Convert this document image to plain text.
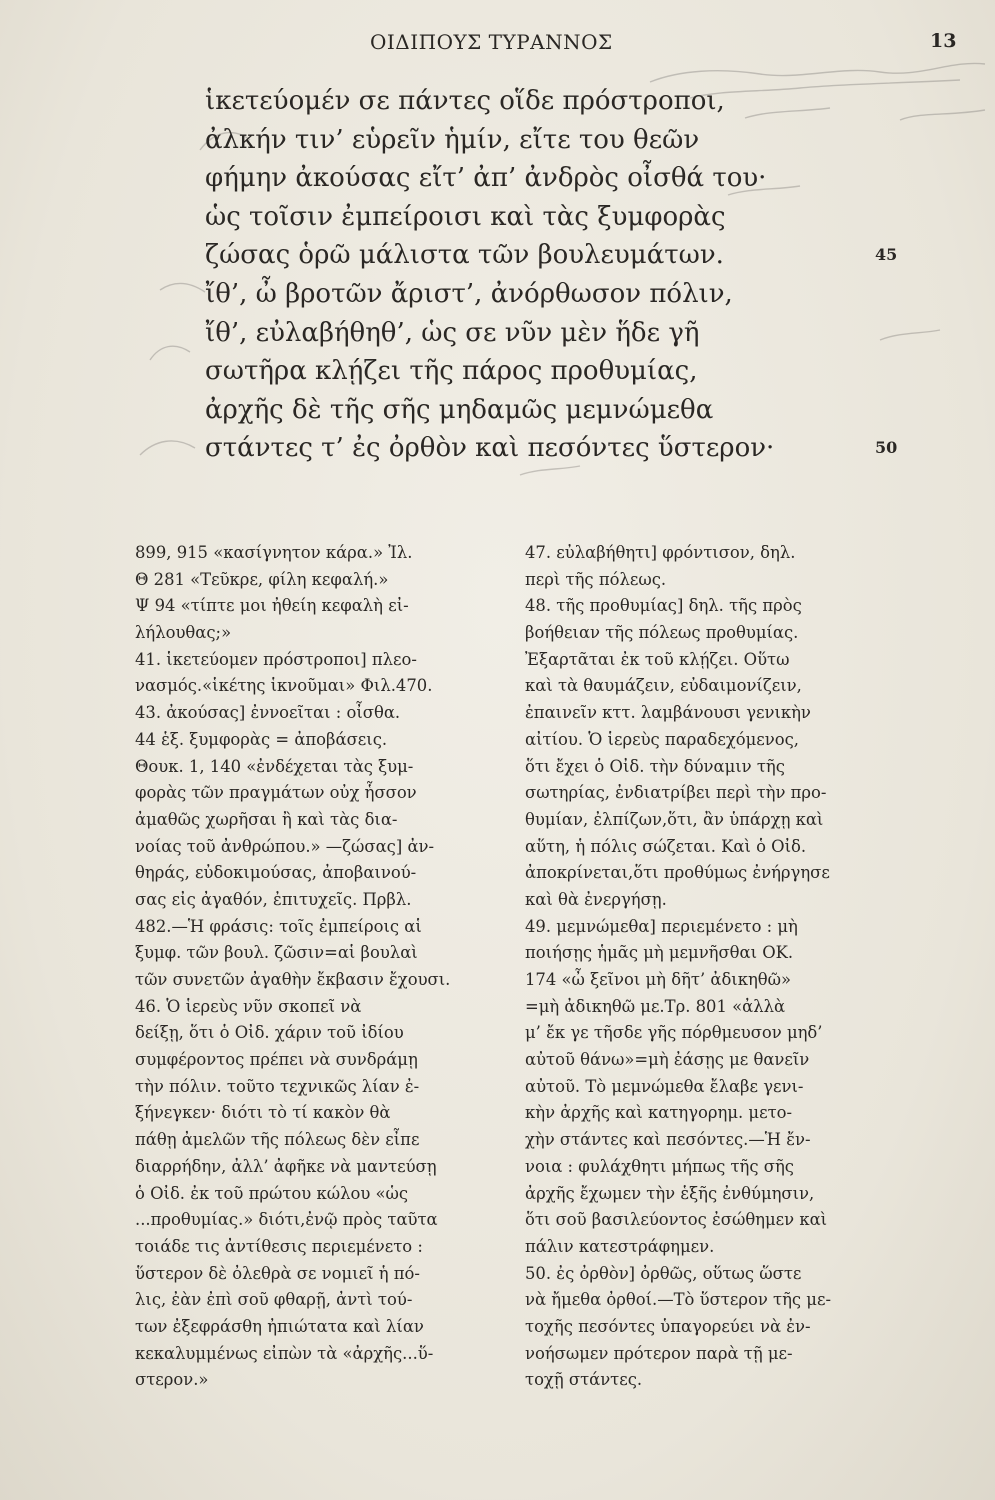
ΟΙΔΙΠΟΥΣ ΤΥΡΑΝΝΟΣ	13
ἱκετεύομέν σε πάντες οἵδε πρόστροποι,
ἀλκήν τιν’ εὑρεῖν ἡμίν, εἴτε του θεῶν
φήμην ἀκούσας εἴτ’ ἀπ’ ἀνδρὸς οἶσθά του·
ὡς τοῖσιν ἐμπείροισι καὶ τὰς ξυμφορὰς
ζώσας ὁρῶ μάλιστα τῶν βουλευμάτων.	45
ἴθ’, ὦ βροτῶν ἄριστ’, ἀνόρθωσον πόλιν,
ἴθ’, εὐλαβήθηθ’, ὡς σε νῦν μὲν ἥδε γῆ
σωτῆρα κλῄζει τῆς πάρος προθυμίας,
ἀρχῆς δὲ τῆς σῆς μηδαμῶς μεμνώμεθα
στάντες τ’ ἐς ὀρθὸν καὶ πεσόντες ὕστερον·	50
899, 915 «κασίγνητον κάρα.» Ἰλ.
Θ 281 «Τεῦκρε, φίλη κεφαλή.»
Ψ 94 «τίπτε μοι ἠθείη κεφαλὴ εἰ-
λήλουθας;»
41. ἱκετεύομεν πρόστροποι] πλεο-
νασμός.«ἱκέτης ἱκνοῦμαι» Φιλ.470.
43. ἀκούσας] ἐννοεῖται : οἶσθα.
44 ἑξ. ξυμφορὰς = ἀποβάσεις.
Θουκ. 1, 140 «ἐνδέχεται τὰς ξυμ-
φορὰς τῶν πραγμάτων οὐχ ἧσσον
ἀμαθῶς χωρῆσαι ἢ καὶ τὰς δια-
νοίας τοῦ ἀνθρώπου.» —ζώσας] ἀν-
θηράς, εὐδοκιμούσας, ἀποβαινού-
σας εἰς ἀγαθόν, ἐπιτυχεῖς. Πρβλ.
482.—Ἡ φράσις: τοῖς ἐμπείροις αἱ
ξυμφ. τῶν βουλ. ζῶσιν=αἱ βουλαὶ
τῶν συνετῶν ἀγαθὴν ἔκβασιν ἔχουσι.
46. Ὁ ἱερεὺς νῦν σκοπεῖ νὰ
δείξῃ, ὅτι ὁ Οἰδ. χάριν τοῦ ἰδίου
συμφέροντος πρέπει νὰ συνδράμῃ
τὴν πόλιν. τοῦτο τεχνικῶς λίαν ἐ-
ξήνεγκεν· διότι τὸ τί κακὸν θὰ
πάθῃ ἀμελῶν τῆς πόλεως δὲν εἶπε
διαρρήδην, ἀλλ’ ἀφῆκε νὰ μαντεύσῃ
ὁ Οἰδ. ἐκ τοῦ πρώτου κώλου «ὡς
...προθυμίας.» διότι,ἐνῷ πρὸς ταῦτα
τοιάδε τις ἀντίθεσις περιεμένετο :
ὕστερον δὲ ὀλεθρὰ σε νομιεῖ ἡ πό-
λις, ἐὰν ἐπὶ σοῦ φθαρῇ, ἀντὶ τού-
των ἐξεφράσθη ἠπιώτατα καὶ λίαν
κεκαλυμμένως εἰπὼν τὰ «ἀρχῆς...ὕ-
στερον.»
47. εὐλαβήθητι] φρόντισον, δηλ.
περὶ τῆς πόλεως.
48. τῆς προθυμίας] δηλ. τῆς πρὸς
βοήθειαν τῆς πόλεως προθυμίας.
Ἐξαρτᾶται ἐκ τοῦ κλῄζει. Οὕτω
καὶ τὰ θαυμάζειν, εὐδαιμονίζειν,
ἐπαινεῖν κττ. λαμβάνουσι γενικὴν
αἰτίου. Ὁ ἱερεὺς παραδεχόμενος,
ὅτι ἔχει ὁ Οἰδ. τὴν δύναμιν τῆς
σωτηρίας, ἐνδιατρίβει περὶ τὴν προ-
θυμίαν, ἐλπίζων,ὅτι, ἂν ὑπάρχῃ καὶ
αὕτη, ἡ πόλις σώζεται. Καὶ ὁ Οἰδ.
ἀποκρίνεται,ὅτι προθύμως ἐνήργησε
καὶ θὰ ἐνεργήσῃ.
49. μεμνώμεθα] περιεμένετο : μὴ
ποιήσῃς ἡμᾶς μὴ μεμνῆσθαι ΟΚ.
174 «ὦ ξεῖνοι μὴ δῆτ’ ἀδικηθῶ»
=μὴ ἀδικηθῶ με.Τρ. 801 «ἀλλὰ
μ’ ἔκ γε τῆσδε γῆς πόρθμευσον μηδ’
αὐτοῦ θάνω»=μὴ ἐάσῃς με θανεῖν
αὐτοῦ. Τὸ μεμνώμεθα ἔλαβε γενι-
κὴν ἀρχῆς καὶ κατηγορημ. μετο-
χὴν στάντες καὶ πεσόντες.—Ἡ ἔν-
νοια : φυλάχθητι μήπως τῆς σῆς
ἀρχῆς ἔχωμεν τὴν ἑξῆς ἐνθύμησιν,
ὅτι σοῦ βασιλεύοντος ἐσώθημεν καὶ
πάλιν κατεστράφημεν.
50. ἐς ὀρθὸν] ὀρθῶς, οὕτως ὥστε
νὰ ἤμεθα ὀρθοί.—Τὸ ὕστερον τῆς με-
τοχῆς πεσόντες ὑπαγορεύει νὰ ἐν-
νοήσωμεν πρότερον παρὰ τῇ με-
τοχῇ στάντες.
